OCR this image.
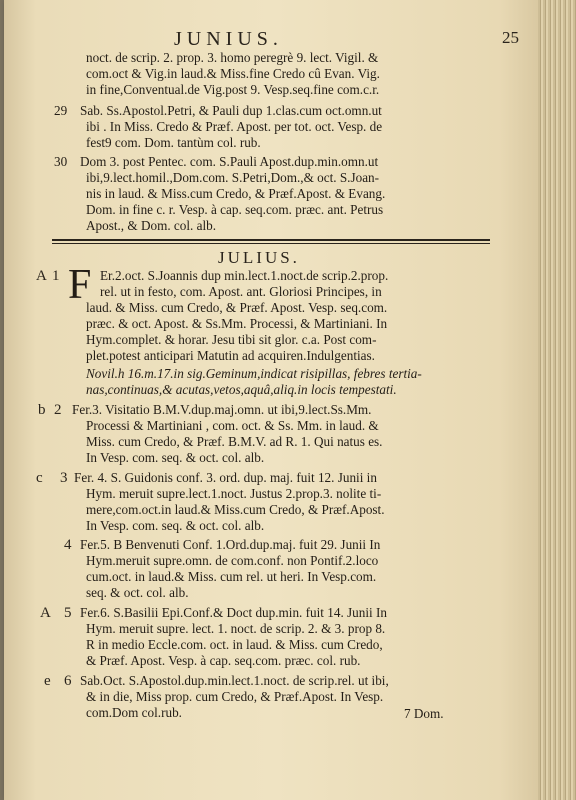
JUNIUS.	25
noct. de scrip. 2. prop. 3. homo peregrè 9. lect. Vigil. &
com.oct & Vig.in laud.& Miss.fine Credo cû Evan. Vig.
in fine,Conventual.de Vig.post 9. Vesp.seq.fine com.c.r.
29 Sab. Ss.Apostol.Petri, & Pauli dup 1.clas.cum oct.omn.ut
ibi . In Miss. Credo & Præf. Apost. per tot. oct. Vesp. de
fest9 com. Dom. tantùm col. rub.
30 Dom 3. post Pentec. com. S.Pauli Apost.dup.min.omn.ut
ibi,9.lect.homil.,Dom.com. S.Petri,Dom.,& oct. S.Joan-
nis in laud. & Miss.cum Credo, & Præf.Apost. & Evang.
Dom. in fine c. r. Vesp. à cap. seq.com. præc. ant. Petrus
Apost., & Dom. col. alb.
JULIUS.
A 1 F Er.2.oct. S.Joannis dup min.lect.1.noct.de scrip.2.prop.
rel. ut in festo, com. Apost. ant. Gloriosi Principes, in
laud. & Miss. cum Credo, & Præf. Apost. Vesp. seq.com.
præc. & oct. Apost. & Ss.Mm. Processi, & Martiniani. In
Hym.complet. & horar. Jesu tibi sit glor. c.a. Post com-
plet.potest anticipari Matutin ad acquiren.Indulgentias.
Novil.h 16.m.17.in sig.Geminum,indicat risipillas, febres tertia-
nas,continuas,& acutas,vetos,aquâ,aliq.in locis tempestati.
b 2 Fer.3. Visitatio B.M.V.dup.maj.omn. ut ibi,9.lect.Ss.Mm.
Processi & Martiniani , com. oct. & Ss. Mm. in laud. &
Miss. cum Credo, & Præf. B.M.V. ad R. 1. Qui natus es.
In Vesp. com. seq. & oct. col. alb.
c 3 Fer. 4. S. Guidonis conf. 3. ord. dup. maj. fuit 12. Junii in
Hym. meruit supre.lect.1.noct. Justus 2.prop.3. nolite ti-
mere,com.oct.in laud.& Miss.cum Credo, & Præf.Apost.
In Vesp. com. seq. & oct. col. alb.
4 Fer.5. B Benvenuti Conf. 1.Ord.dup.maj. fuit 29. Junii In
Hym.meruit supre.omn. de com.conf. non Pontif.2.loco
cum.oct. in laud.& Miss. cum rel. ut heri. In Vesp.com.
seq. & oct. col. alb.
A 5 Fer.6. S.Basilii Epi.Conf.& Doct dup.min. fuit 14. Junii In
Hym. meruit supre. lect. 1. noct. de scrip. 2. & 3. prop 8.
R in medio Eccle.com. oct. in laud. & Miss. cum Credo,
& Præf. Apost. Vesp. à cap. seq.com. præc. col. rub.
e 6 Sab.Oct. S.Apostol.dup.min.lect.1.noct. de scrip.rel. ut ibi,
& in die, Miss prop. cum Credo, & Præf.Apost. In Vesp.
com.Dom col.rub.	7 Dom.
